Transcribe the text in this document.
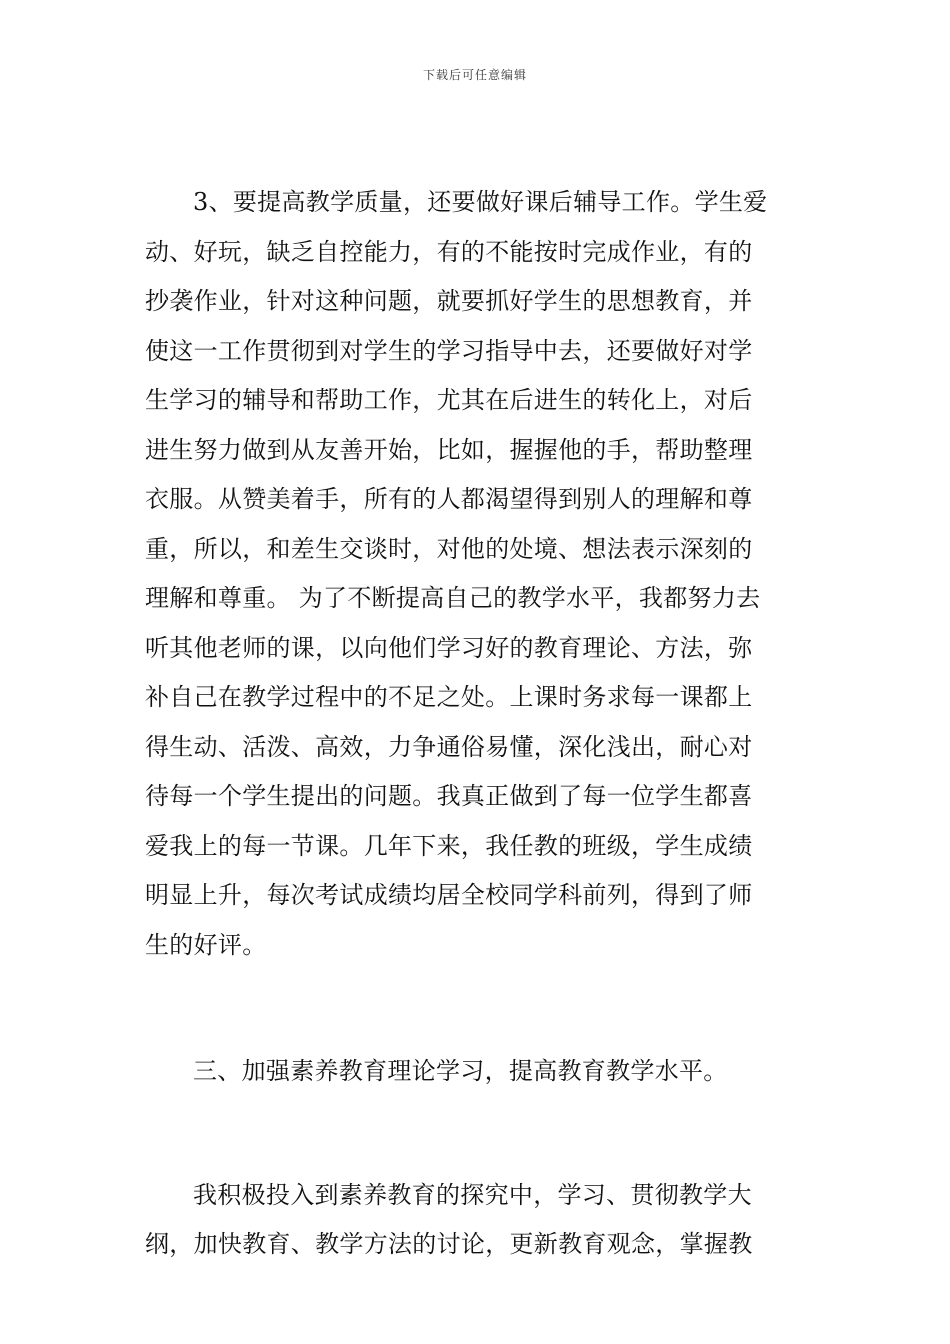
下载后可任意编辑

3、要提高教学质量，还要做好课后辅导工作。学生爱
动、好玩，缺乏自控能力，有的不能按时完成作业，有的
抄袭作业，针对这种问题，就要抓好学生的思想教育，并
使这一工作贯彻到对学生的学习指导中去，还要做好对学
生学习的辅导和帮助工作，尤其在后进生的转化上，对后
进生努力做到从友善开始，比如，握握他的手，帮助整理
衣服。从赞美着手，所有的人都渴望得到别人的理解和尊
重，所以，和差生交谈时，对他的处境、想法表示深刻的
理解和尊重。 为了不断提高自己的教学水平，我都努力去
听其他老师的课，以向他们学习好的教育理论、方法，弥
补自己在教学过程中的不足之处。上课时务求每一课都上
得生动、活泼、高效，力争通俗易懂，深化浅出，耐心对
待每一个学生提出的问题。我真正做到了每一位学生都喜
爱我上的每一节课。几年下来，我任教的班级，学生成绩
明显上升，每次考试成绩均居全校同学科前列，得到了师
生的好评。

三、加强素养教育理论学习，提高教育教学水平。

我积极投入到素养教育的探究中，学习、贯彻教学大
纲，加快教育、教学方法的讨论，更新教育观念，掌握教
